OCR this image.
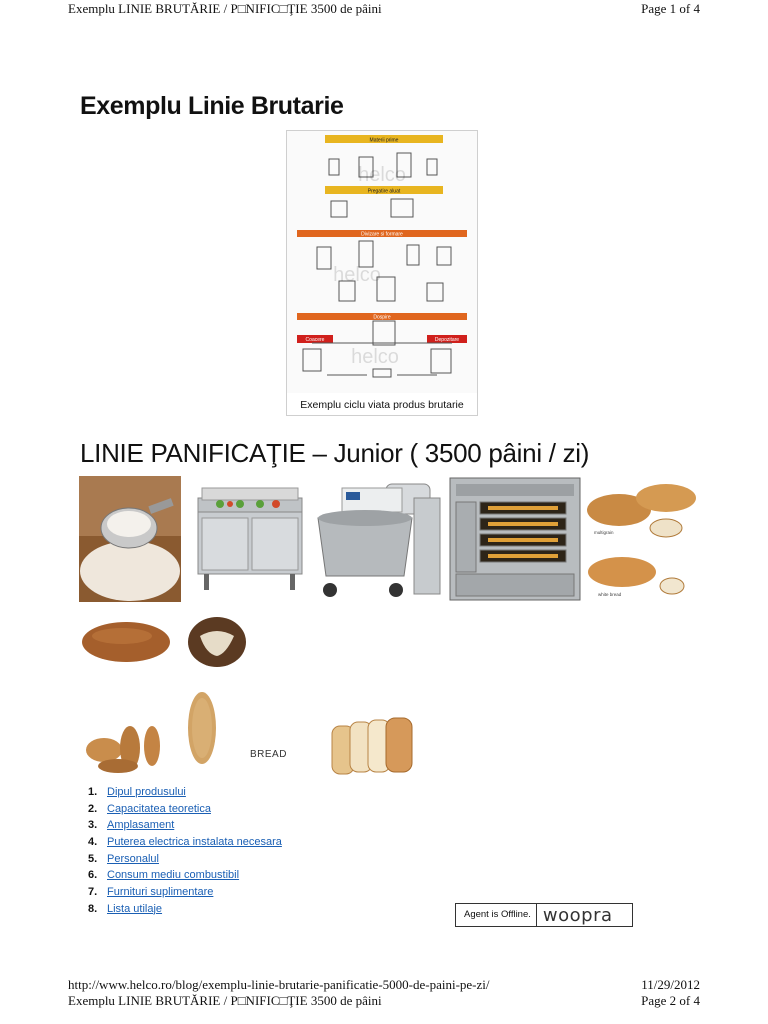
Exemplu LINIE BRUTĂRIE / P□NIFIC□ŢIE 3500 de pâini	Page 1 of 4
Exemplu Linie Brutarie
Materii prime
Pregatire aluat
Divizare si formare
Dospire
Coacere	Depozitare
helco
helco
helco
Exemplu ciclu viata produs brutarie
LINIE PANIFICAŢIE – Junior ( 3500 pâini / zi)
multigrain
white bread
BREAD
1. Dipul produsului
2. Capacitatea teoretica
3. Amplasament
4. Puterea electrica instalata necesara
5. Personalul
6. Consum mediu combustibil
7. Furnituri suplimentare
8. Lista utilaje	Agent is Offline. woopra
http://www.helco.ro/blog/exemplu-linie-brutarie-panificatie-5000-de-paini-pe-zi/	11/29/2012
Exemplu LINIE BRUTĂRIE / P□NIFIC□ŢIE 3500 de pâini	Page 2 of 4
